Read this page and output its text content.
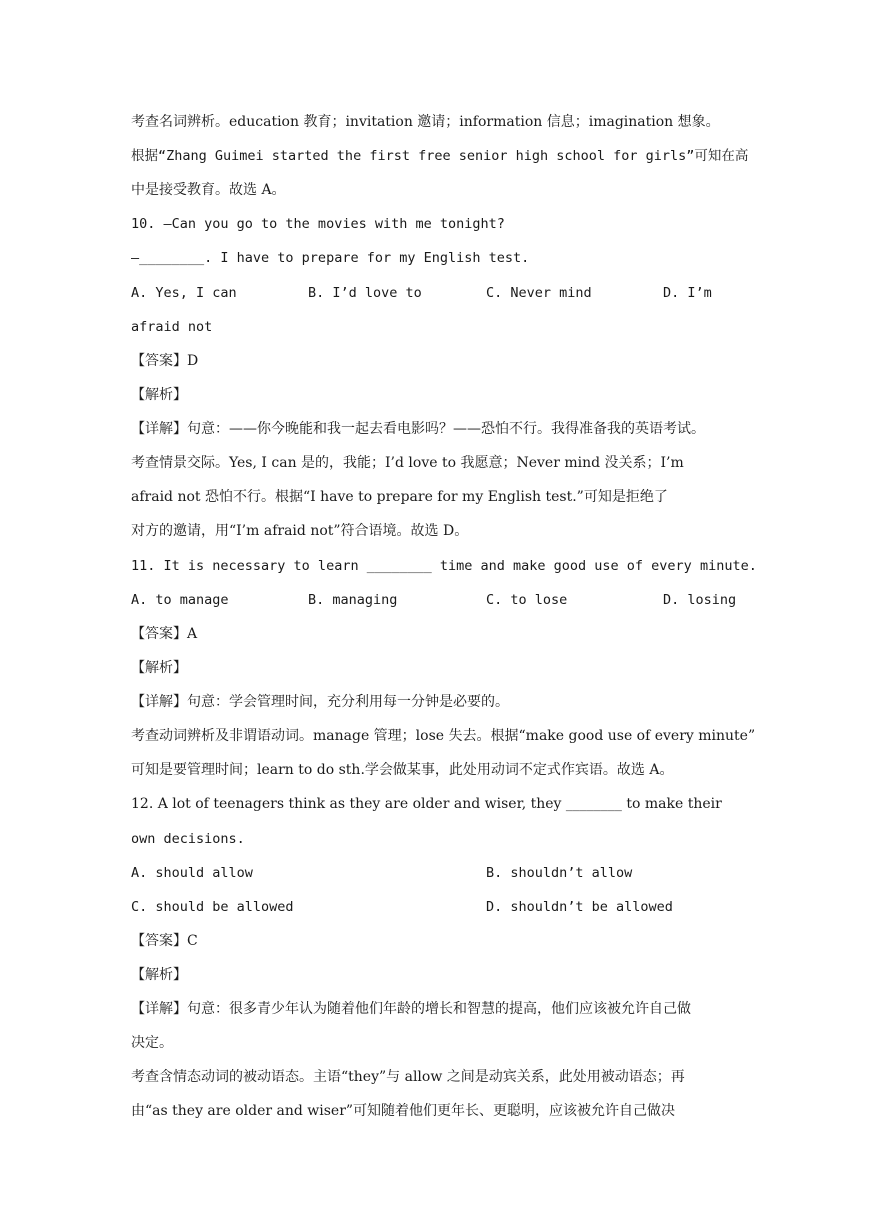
考查名词辨析。education 教育；invitation 邀请；information 信息；imagination 想象。
根据“Zhang Guimei started the first free senior high school for girls”可知在高
中是接受教育。故选 A。
10. —Can you go to the movies with me tonight?
—________. I have to prepare for my English test.
A. Yes, I can	B. I’d love to	C. Never mind	D. I’m
afraid not
【答案】D
【解析】
【详解】句意：——你今晚能和我一起去看电影吗？——恐怕不行。我得准备我的英语考试。
考查情景交际。Yes, I can 是的，我能；I’d love to 我愿意；Never mind 没关系；I’m
afraid not 恐怕不行。根据“I have to prepare for my English test.”可知是拒绝了
对方的邀请，用“I’m afraid not”符合语境。故选 D。
11. It is necessary to learn ________ time and make good use of every minute.
A. to manage	B. managing	C. to lose	D. losing
【答案】A
【解析】
【详解】句意：学会管理时间，充分利用每一分钟是必要的。
考查动词辨析及非谓语动词。manage 管理；lose 失去。根据“make good use of every minute”
可知是要管理时间；learn to do sth.学会做某事，此处用动词不定式作宾语。故选 A。
12. A lot of teenagers think as they are older and wiser, they ________ to make their
own decisions.
A. should allow	B. shouldn’t allow
C. should be allowed	D. shouldn’t be allowed
【答案】C
【解析】
【详解】句意：很多青少年认为随着他们年龄的增长和智慧的提高，他们应该被允许自己做
决定。
考查含情态动词的被动语态。主语“they”与 allow 之间是动宾关系，此处用被动语态；再
由“as they are older and wiser”可知随着他们更年长、更聪明，应该被允许自己做决
